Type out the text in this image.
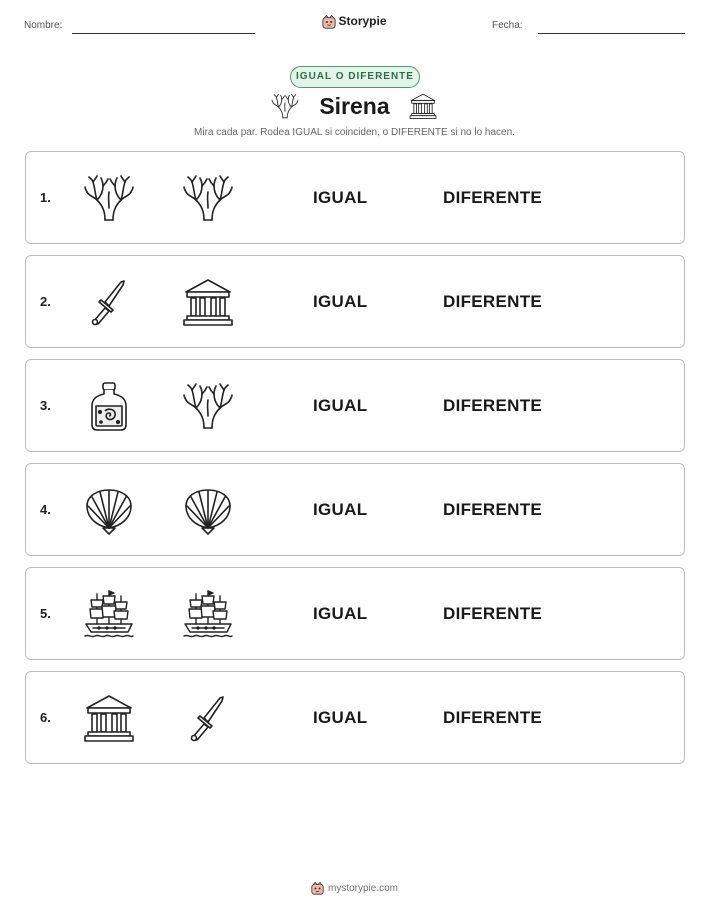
Nombre:	Storypie	Fecha:
IGUAL O DIFERENTE
Sirena
Mira cada par. Rodea IGUAL si coinciden, o DIFERENTE si no lo hacen.
1.	IGUAL	DIFERENTE
2.	IGUAL	DIFERENTE
3.	IGUAL	DIFERENTE
4.	IGUAL	DIFERENTE
5.	IGUAL	DIFERENTE
6.	IGUAL	DIFERENTE
mystorypie.com
